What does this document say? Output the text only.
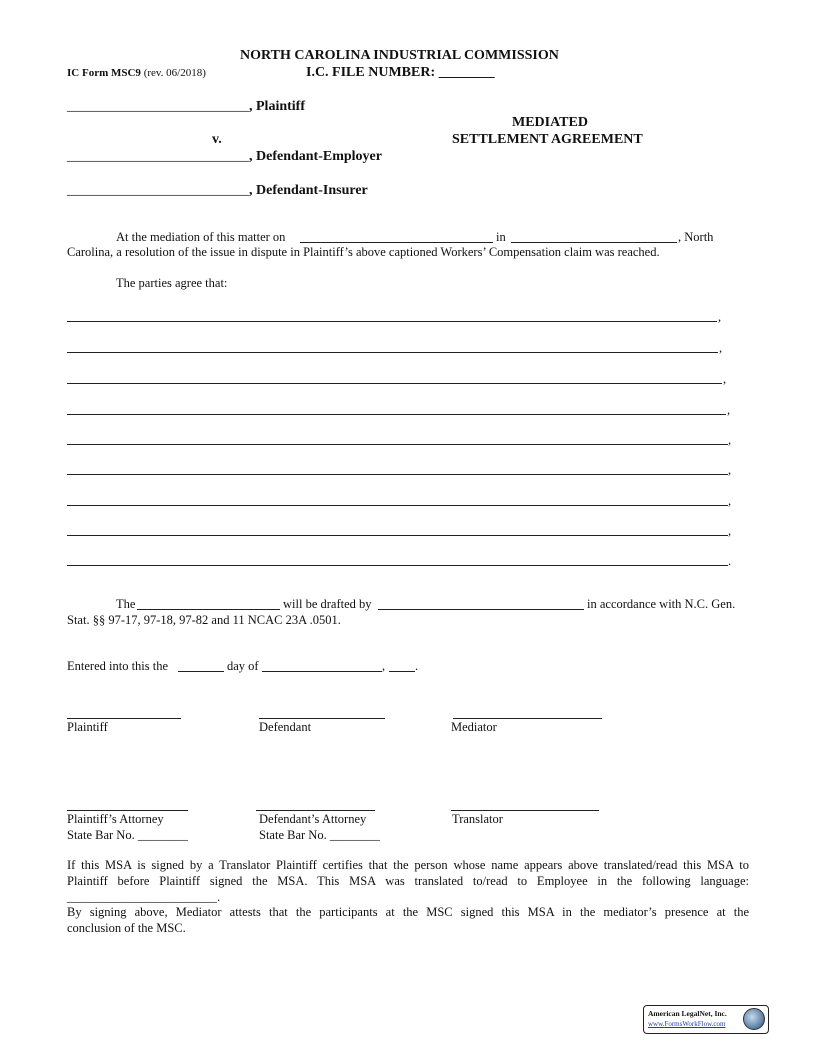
NORTH CAROLINA INDUSTRIAL COMMISSION
IC Form MSC9 (rev. 06/2018)	I.C. FILE NUMBER: ________
__________________________, Plaintiff
v.
__________________________, Defendant-Employer
__________________________, Defendant-Insurer
MEDIATED
SETTLEMENT AGREEMENT
At the mediation of this matter on	in	, North
Carolina, a resolution of the issue in dispute in Plaintiff’s above captioned Workers’ Compensation claim was reached.
The parties agree that:
,
,
,
,
,
,
,
,
.
The	will be drafted by	in accordance with N.C. Gen.
Stat. §§ 97-17, 97-18, 97-82 and 11 NCAC 23A .0501.
Entered into this the	day of	, .
Plaintiff	Defendant	Mediator
Plaintiff’s Attorney	Defendant’s Attorney	Translator
State Bar No. ________	State Bar No. ________
If this MSA is signed by a Translator Plaintiff certifies that the person whose name appears above translated/read this MSA to
Plaintiff before Plaintiff signed the MSA. This MSA was translated to/read to Employee in the following language:
________________________.
By signing above, Mediator attests that the participants at the MSC signed this MSA in the mediator’s presence at the
conclusion of the MSC.
American LegalNet, Inc.
www.FormsWorkFlow.com
